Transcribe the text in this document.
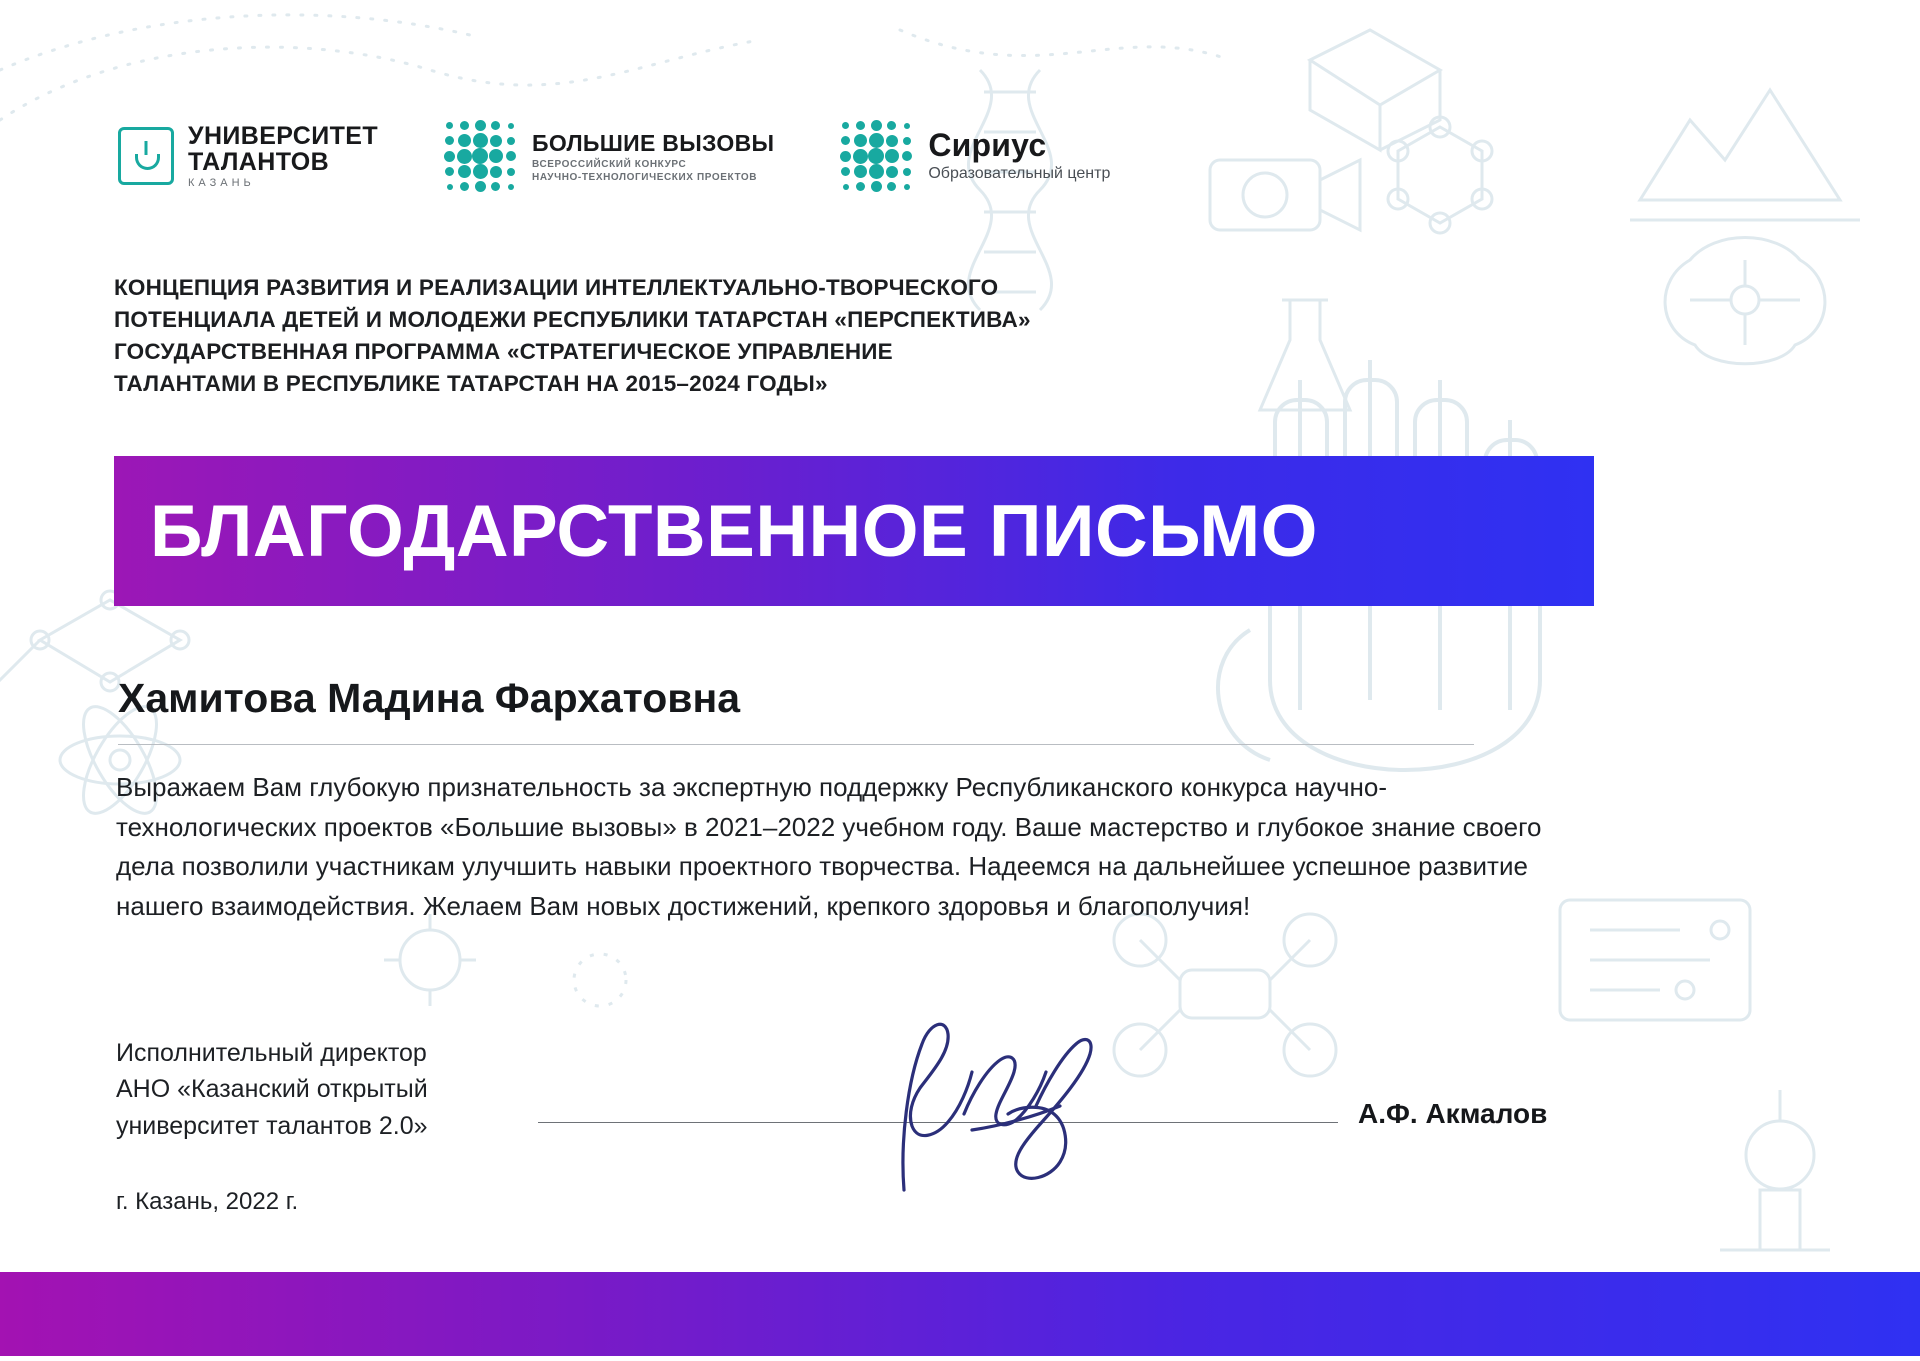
УНИВЕРСИТЕТ
ТАЛАНТОВ
КАЗАНЬ
БОЛЬШИЕ ВЫЗОВЫ
ВСЕРОССИЙСКИЙ КОНКУРС
НАУЧНО-ТЕХНОЛОГИЧЕСКИХ ПРОЕКТОВ
Сириус
Образовательный центр
КОНЦЕПЦИЯ РАЗВИТИЯ И РЕАЛИЗАЦИИ ИНТЕЛЛЕКТУАЛЬНО-ТВОРЧЕСКОГО
ПОТЕНЦИАЛА ДЕТЕЙ И МОЛОДЕЖИ РЕСПУБЛИКИ ТАТАРСТАН «ПЕРСПЕКТИВА»
ГОСУДАРСТВЕННАЯ ПРОГРАММА «СТРАТЕГИЧЕСКОЕ УПРАВЛЕНИЕ
ТАЛАНТАМИ В РЕСПУБЛИКЕ ТАТАРСТАН НА 2015–2024 ГОДЫ»
БЛАГОДАРСТВЕННОЕ ПИСЬМО
Хамитова Мадина Фархатовна
Выражаем Вам глубокую признательность за экспертную поддержку Республиканского конкурса научно-технологических проектов «Большие вызовы» в 2021–2022 учебном году. Ваше мастерство и глубокое знание своего дела позволили участникам улучшить навыки проектного творчества. Надеемся на дальнейшее успешное развитие нашего взаимодействия. Желаем Вам новых достижений, крепкого здоровья и благополучия!
Исполнительный директор
АНО «Казанский открытый
университет талантов 2.0»	А.Ф. Акмалов
г. Казань, 2022 г.
